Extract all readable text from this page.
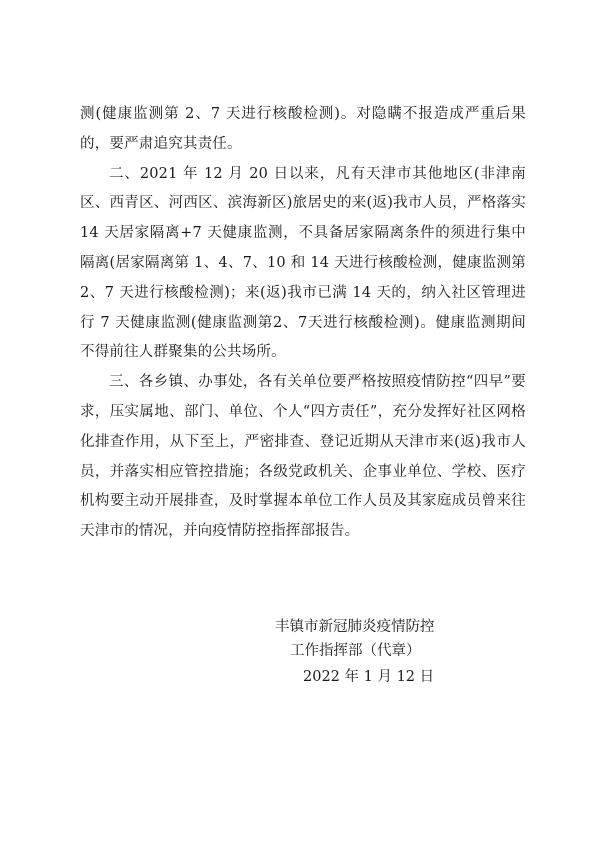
测(健康监测第 2、7 天进行核酸检测)。对隐瞒不报造成严重后果的，要严肃追究其责任。

二、2021 年 12 月 20 日以来，凡有天津市其他地区(非津南区、西青区、河西区、滨海新区)旅居史的来(返)我市人员，严格落实 14 天居家隔离+7 天健康监测，不具备居家隔离条件的须进行集中隔离(居家隔离第 1、4、7、10 和 14 天进行核酸检测，健康监测第 2、7 天进行核酸检测)；来(返)我市已满 14 天的，纳入社区管理进行 7 天健康监测(健康监测第2、7天进行核酸检测)。健康监测期间不得前往人群聚集的公共场所。

三、各乡镇、办事处，各有关单位要严格按照疫情防控“四早”要求，压实属地、部门、单位、个人“四方责任”，充分发挥好社区网格化排查作用，从下至上，严密排查、登记近期从天津市来(返)我市人员，并落实相应管控措施；各级党政机关、企事业单位、学校、医疗机构要主动开展排查，及时掌握本单位工作人员及其家庭成员曾来往天津市的情况，并向疫情防控指挥部报告。

丰镇市新冠肺炎疫情防控
工作指挥部（代章）
2022 年 1 月 12 日
